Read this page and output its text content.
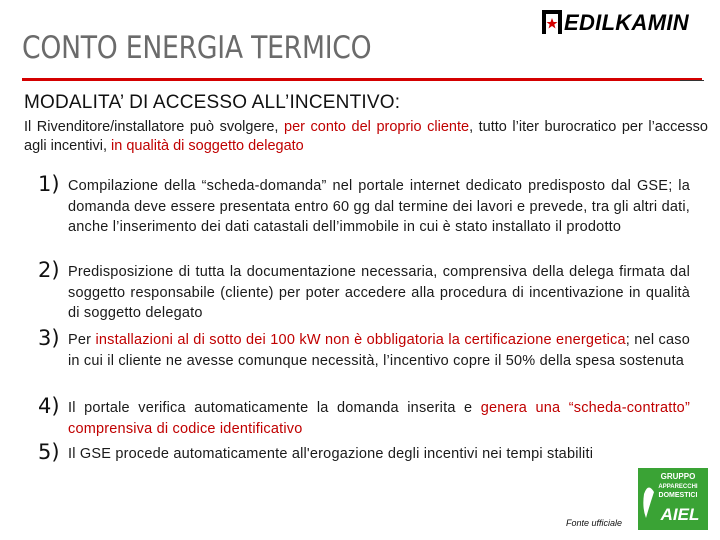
EDILKAMIN
CONTO ENERGIA TERMICO
MODALITA’ DI ACCESSO ALL’INCENTIVO:
Il Rivenditore/installatore può svolgere, per conto del proprio cliente, tutto l’iter burocratico per l’accesso agli incentivi, in qualità di soggetto delegato
1) Compilazione della “scheda-domanda” nel portale internet dedicato predisposto dal GSE; la domanda deve essere presentata entro 60 gg dal termine dei lavori e prevede, tra gli altri dati, anche l’inserimento dei dati catastali dell’immobile in cui è stato installato il prodotto
2) Predisposizione di tutta la documentazione necessaria, comprensiva della delega firmata dal soggetto responsabile (cliente) per poter accedere alla procedura di incentivazione in qualità di soggetto delegato
3) Per installazioni al di sotto dei 100 kW non è obbligatoria la certificazione energetica; nel caso in cui il cliente ne avesse comunque necessità, l’incentivo copre il 50% della spesa sostenuta
4) Il portale verifica automaticamente la domanda inserita e genera una “scheda-contratto” comprensiva di codice identificativo
5) Il GSE procede automaticamente all'erogazione degli incentivi nei tempi stabiliti
GRUPPO
APPARECCHI
DOMESTICI
AIEL
Fonte ufficiale
